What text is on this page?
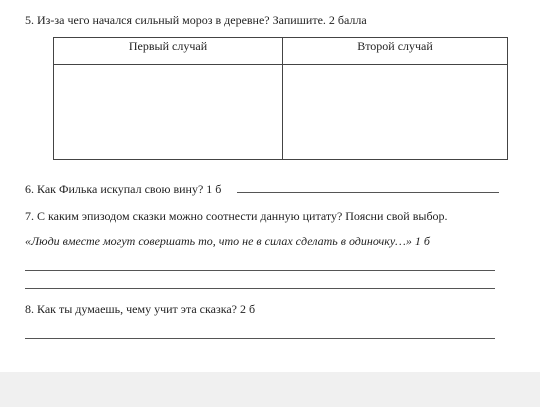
5. Из-за чего начался сильный мороз в деревне? Запишите. 2 балла
Первый случай	Второй случай

6. Как Филька искупал свою вину? 1 б
7. С каким эпизодом сказки можно соотнести данную цитату? Поясни свой выбор.
«Люди вместе могут совершать то, что не в силах сделать в одиночку…» 1 б
8. Как ты думаешь, чему учит эта сказка? 2 б
